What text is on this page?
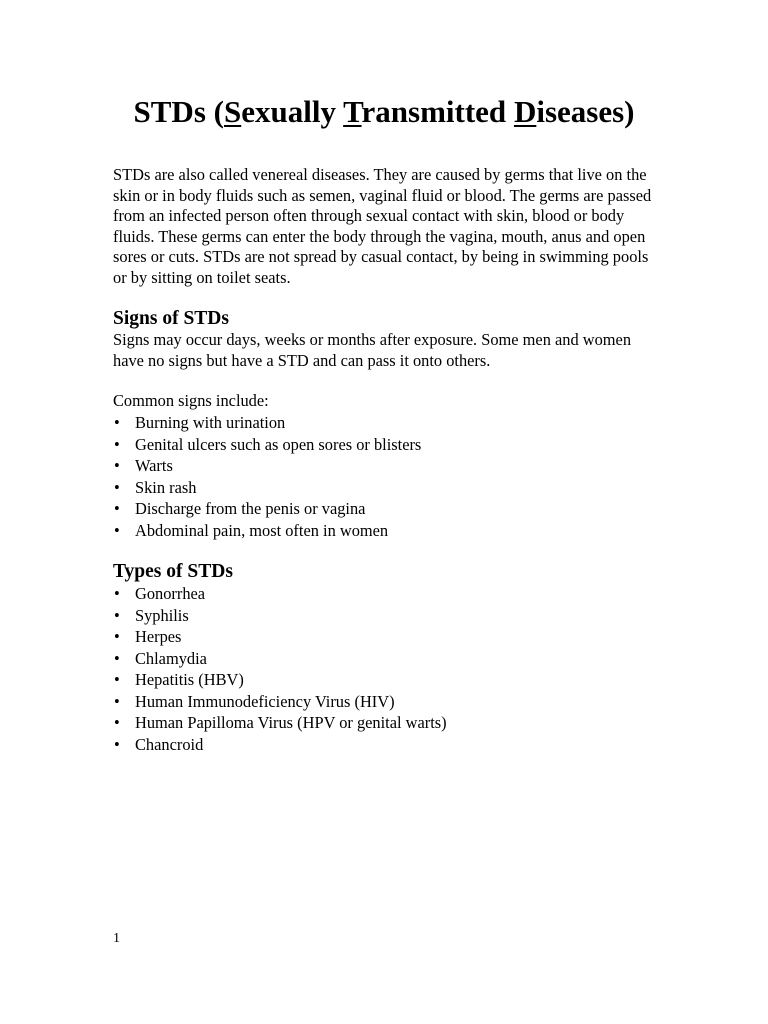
STDs (Sexually Transmitted Diseases)

STDs are also called venereal diseases. They are caused by germs that live on the skin or in body fluids such as semen, vaginal fluid or blood. The germs are passed from an infected person often through sexual contact with skin, blood or body fluids. These germs can enter the body through the vagina, mouth, anus and open sores or cuts. STDs are not spread by casual contact, by being in swimming pools or by sitting on toilet seats.

Signs of STDs
Signs may occur days, weeks or months after exposure. Some men and women have no signs but have a STD and can pass it onto others.
Common signs include:
• Burning with urination
• Genital ulcers such as open sores or blisters
• Warts
• Skin rash
• Discharge from the penis or vagina
• Abdominal pain, most often in women
Types of STDs
• Gonorrhea
• Syphilis
• Herpes
• Chlamydia
• Hepatitis (HBV)
• Human Immunodeficiency Virus (HIV)
• Human Papilloma Virus (HPV or genital warts)
• Chancroid
1
